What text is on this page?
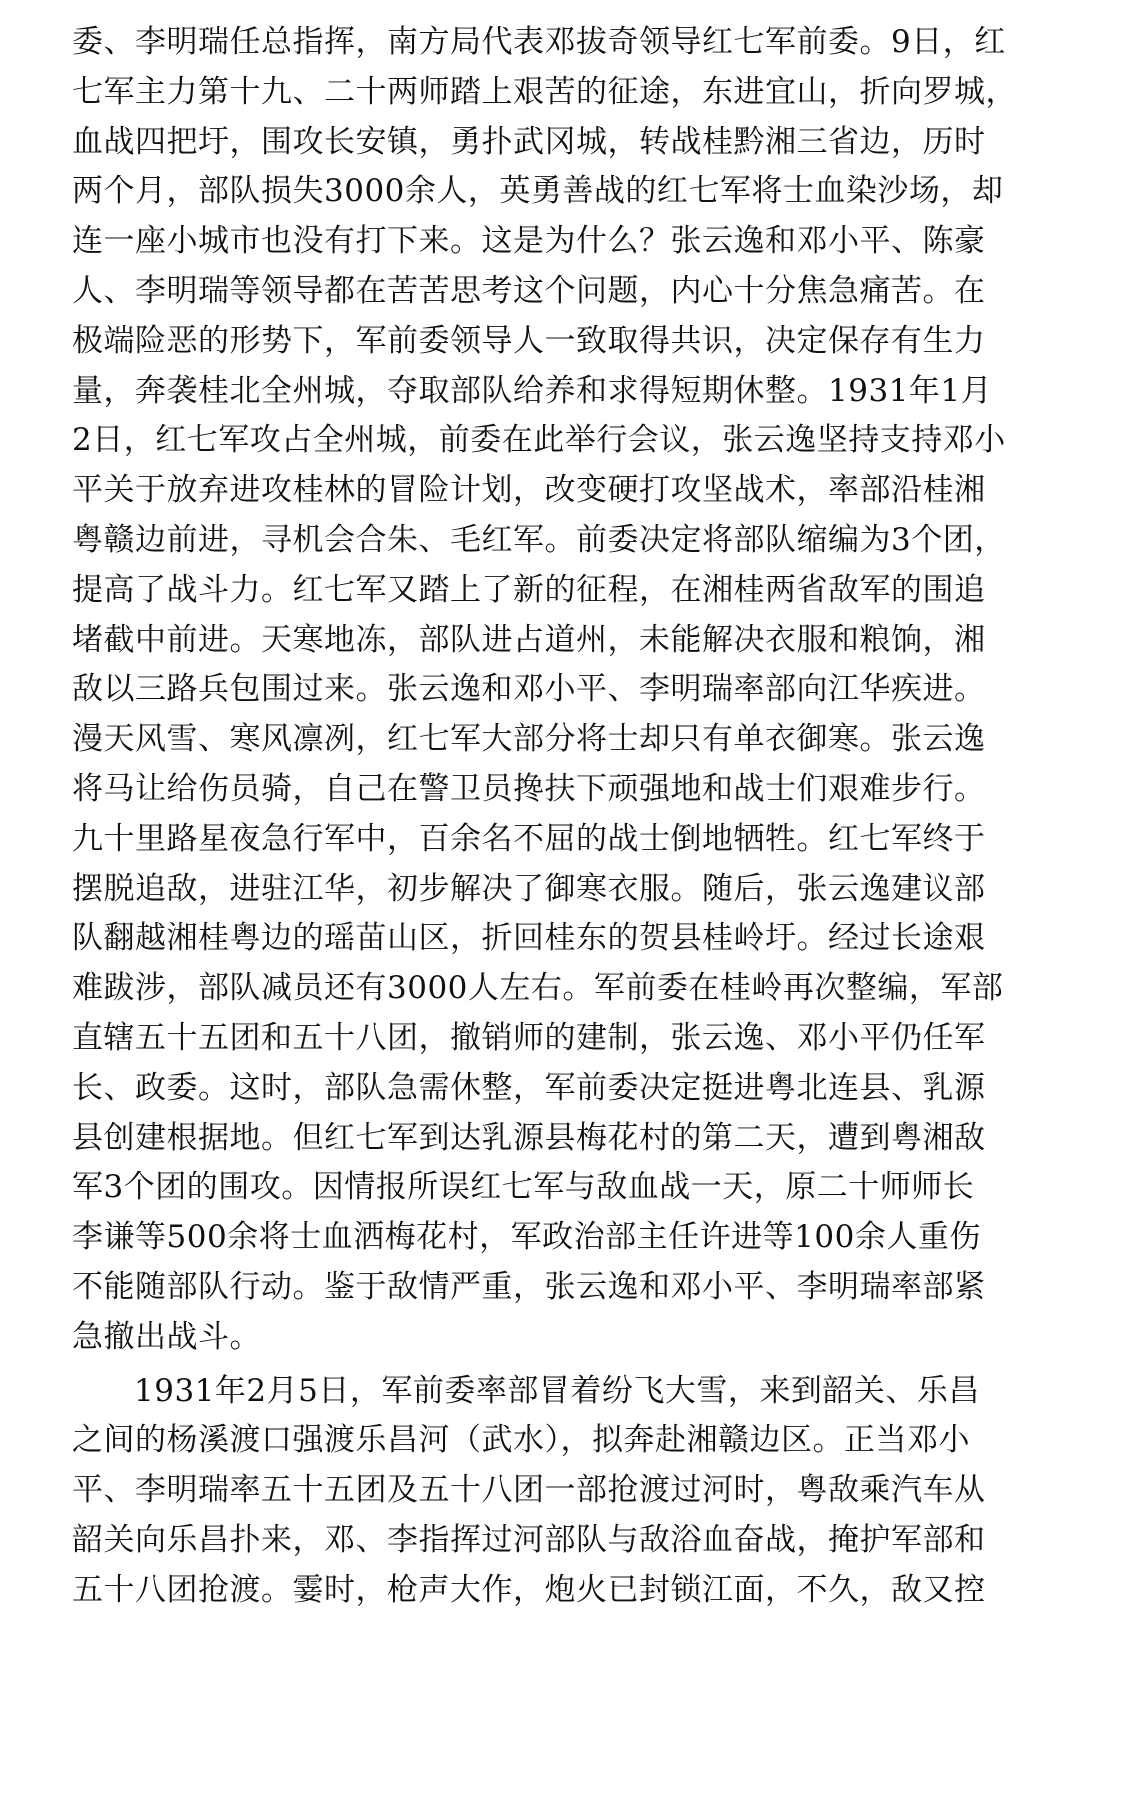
委、李明瑞任总指挥，南方局代表邓拔奇领导红七军前委。9日，红
七军主力第十九、二十两师踏上艰苦的征途，东进宜山，折向罗城，
血战四把圩，围攻长安镇，勇扑武冈城，转战桂黔湘三省边，历时
两个月，部队损失3000余人，英勇善战的红七军将士血染沙场，却
连一座小城市也没有打下来。这是为什么？张云逸和邓小平、陈豪
人、李明瑞等领导都在苦苦思考这个问题，内心十分焦急痛苦。在
极端险恶的形势下，军前委领导人一致取得共识，决定保存有生力
量，奔袭桂北全州城，夺取部队给养和求得短期休整。1931年1月
2日，红七军攻占全州城，前委在此举行会议，张云逸坚持支持邓小
平关于放弃进攻桂林的冒险计划，改变硬打攻坚战术，率部沿桂湘
粤赣边前进，寻机会合朱、毛红军。前委决定将部队缩编为3个团，
提高了战斗力。红七军又踏上了新的征程，在湘桂两省敌军的围追
堵截中前进。天寒地冻，部队进占道州，未能解决衣服和粮饷，湘
敌以三路兵包围过来。张云逸和邓小平、李明瑞率部向江华疾进。
漫天风雪、寒风凛冽，红七军大部分将士却只有单衣御寒。张云逸
将马让给伤员骑，自己在警卫员搀扶下顽强地和战士们艰难步行。
九十里路星夜急行军中，百余名不屈的战士倒地牺牲。红七军终于
摆脱追敌，进驻江华，初步解决了御寒衣服。随后，张云逸建议部
队翻越湘桂粤边的瑶苗山区，折回桂东的贺县桂岭圩。经过长途艰
难跋涉，部队减员还有3000人左右。军前委在桂岭再次整编，军部
直辖五十五团和五十八团，撤销师的建制，张云逸、邓小平仍任军
长、政委。这时，部队急需休整，军前委决定挺进粤北连县、乳源
县创建根据地。但红七军到达乳源县梅花村的第二天，遭到粤湘敌
军3个团的围攻。因情报所误红七军与敌血战一天，原二十师师长
李谦等500余将士血洒梅花村，军政治部主任许进等100余人重伤
不能随部队行动。鉴于敌情严重，张云逸和邓小平、李明瑞率部紧
急撤出战斗。
1931年2月5日，军前委率部冒着纷飞大雪，来到韶关、乐昌
之间的杨溪渡口强渡乐昌河（武水），拟奔赴湘赣边区。正当邓小
平、李明瑞率五十五团及五十八团一部抢渡过河时，粤敌乘汽车从
韶关向乐昌扑来，邓、李指挥过河部队与敌浴血奋战，掩护军部和
五十八团抢渡。霎时，枪声大作，炮火已封锁江面，不久，敌又控
